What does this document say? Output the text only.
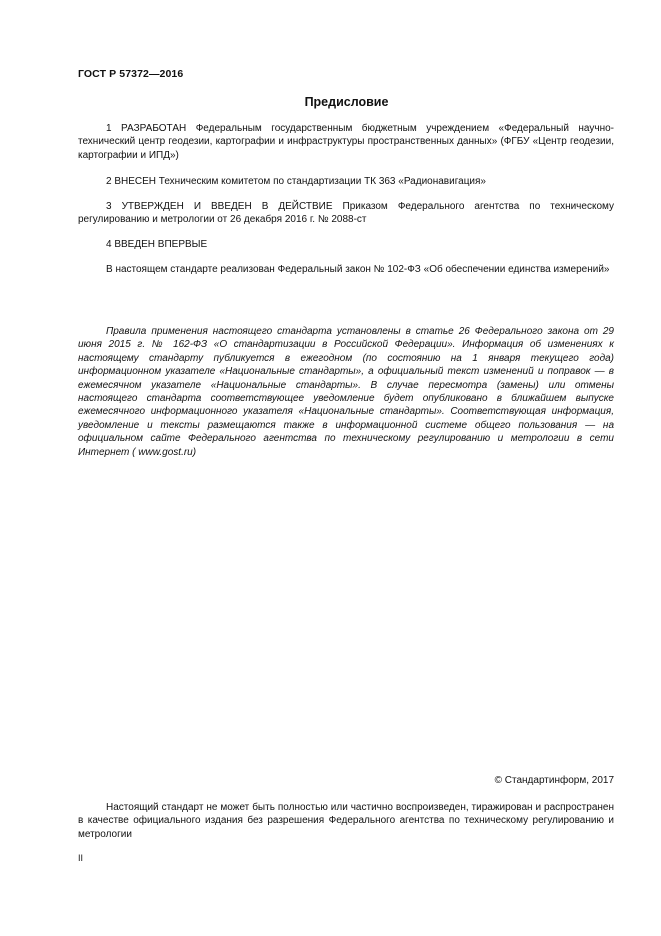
ГОСТ Р 57372—2016
Предисловие

1 РАЗРАБОТАН Федеральным государственным бюджетным учреждением «Федеральный научно-технический центр геодезии, картографии и инфраструктуры пространственных данных» (ФГБУ «Центр геодезии, картографии и ИПД»)

2 ВНЕСЕН Техническим комитетом по стандартизации ТК 363 «Радионавигация»

3 УТВЕРЖДЕН И ВВЕДЕН В ДЕЙСТВИЕ Приказом Федерального агентства по техническому регулированию и метрологии от 26 декабря 2016 г. № 2088-ст

4 ВВЕДЕН ВПЕРВЫЕ

В настоящем стандарте реализован Федеральный закон № 102-ФЗ «Об обеспечении единства измерений»

Правила применения настоящего стандарта установлены в статье 26 Федерального закона от 29 июня 2015 г. № 162-ФЗ «О стандартизации в Российской Федерации». Информация об изменениях к настоящему стандарту публикуется в ежегодном (по состоянию на 1 января текущего года) информационном указателе «Национальные стандарты», а официальный текст изменений и поправок — в ежемесячном указателе «Национальные стандарты». В случае пересмотра (замены) или отмены настоящего стандарта соответствующее уведомление будет опубликовано в ближайшем выпуске ежемесячного информационного указателя «Национальные стандарты». Соответствующая информация, уведомление и тексты размещаются также в информационной системе общего пользования — на официальном сайте Федерального агентства по техническому регулированию и метрологии в сети Интернет ( www.gost.ru)

© Стандартинформ, 2017

Настоящий стандарт не может быть полностью или частично воспроизведен, тиражирован и распространен в качестве официального издания без разрешения Федерального агентства по техническому регулированию и метрологии

II
